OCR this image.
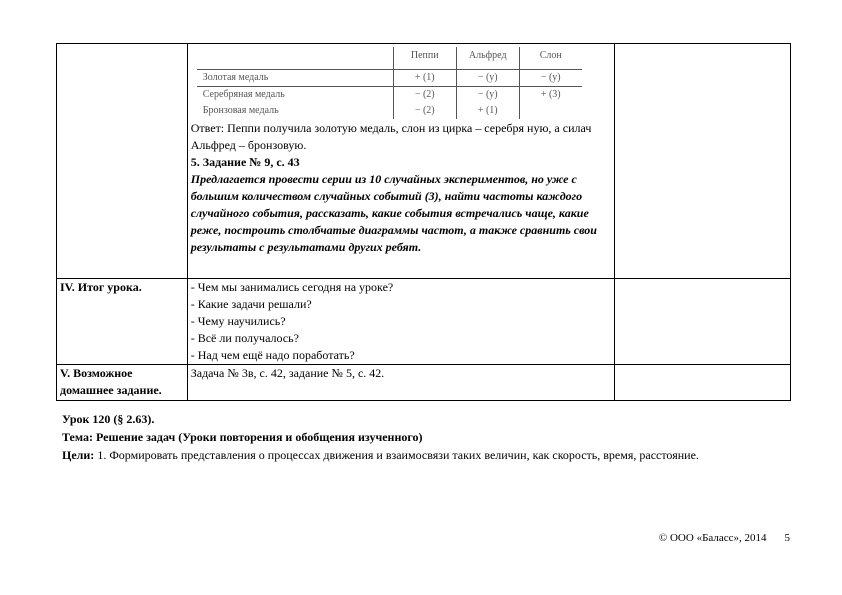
	Пеппи	Альфред	Слон
Золотая медаль	+ (1)	− (у)	− (у)
Серебряная медаль	− (2)	− (у)	+ (3)
Бронзовая медаль	− (2)	+ (1)	
Ответ: Пеппи получила золотую медаль, слон из цирка – серебря ную, а силач Альфред – бронзовую.
5. Задание № 9, с. 43
Предлагается провести серии из 10 случайных экспериментов, но уже с большим количеством случайных событий (3), найти частоты каждого случайного события, рассказать, какие события встречались чаще, какие реже, построить столбчатые диаграммы частот, а также сравнить свои результаты с результатами других ребят.

IV. Итог урока.	- Чем мы занимались сегодня на уроке?
- Какие задачи решали?
- Чему научились?
- Всё ли получалось?
- Над чем ещё надо поработать?

V. Возможное домашнее задание.	Задача № 3в, с. 42, задание № 5, с. 42.	
Урок 120 (§ 2.63).
Тема: Решение задач (Уроки повторения и обобщения изученного)
Цели: 1. Формировать представления о процессах движения и взаимосвязи таких величин, как скорость, время, расстояние.
© ООО «Баласс», 2014 5
